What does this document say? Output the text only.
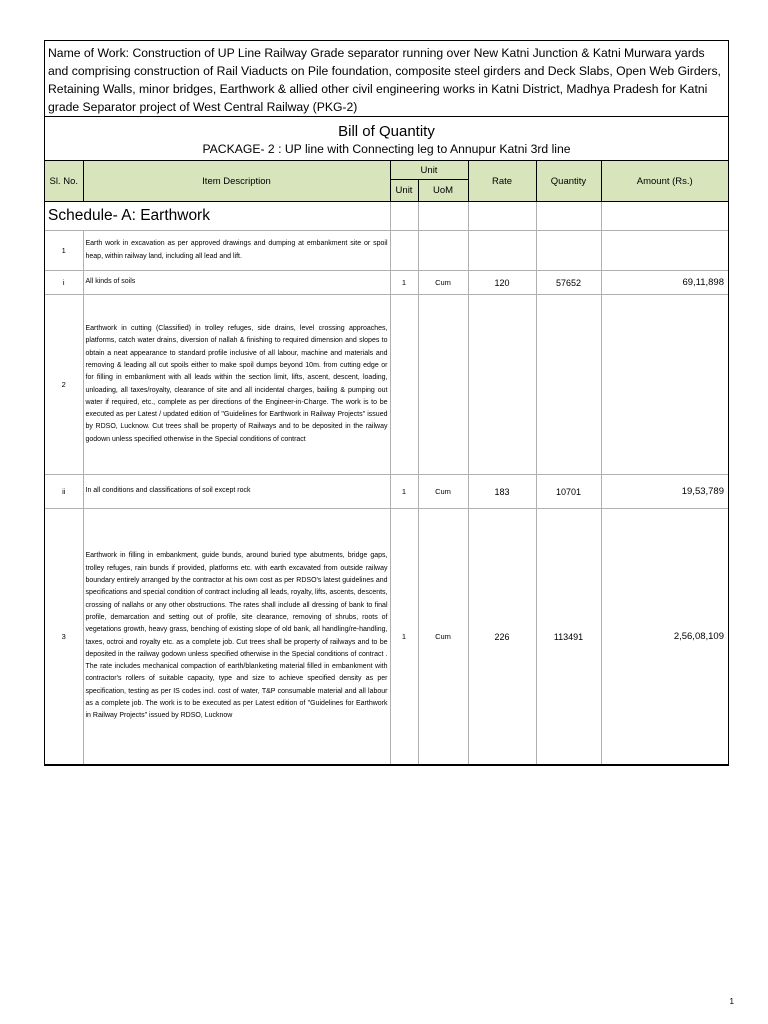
Name of Work: Construction of UP Line Railway Grade separator running over New Katni Junction & Katni Murwara yards and comprising construction of Rail Viaducts on Pile foundation, composite steel girders and Deck Slabs, Open Web Girders, Retaining Walls, minor bridges, Earthwork & allied other civil engineering works in Katni District, Madhya Pradesh for Katni grade Separator project of West Central Railway (PKG-2)
Bill of Quantity
PACKAGE- 2 : UP line with Connecting leg to Annupur Katni 3rd line
Sl. No.	Item Description	Unit		Rate	Quantity	Amount (Rs.)
		Unit	UoM			
Schedule- A: Earthwork						
1	Earth work in excavation as per approved drawings and dumping at embankment site or spoil heap, within railway land, including all lead and lift.					
i	All kinds of soils	1	Cum	120	57652	69,11,898
2	Earthwork in cutting (Classified) in trolley refuges, side drains, level crossing approaches, platforms, catch water drains, diversion of nallah & finishing to required dimension and slopes to obtain a neat appearance to standard profile inclusive of all labour, machine and materials and removing & leading all cut spoils either to make spoil dumps beyond 10m. from cutting edge or for filling in embankment with all leads within the section limit, lifts, ascent, descent, loading, unloading, all taxes/royalty, clearance of site and all incidental charges, bailing & pumping out water if required, etc., complete as per directions of the Engineer-in-Charge. The work is to be executed as per Latest / updated edition of "Guidelines for Earthwork in Railway Projects" issued by RDSO, Lucknow. Cut trees shall be property of Railways and to be deposited in the railway godown unless specified otherwise in the Special conditions of contract					
ii	In all conditions and classifications of soil except rock	1	Cum	183	10701	19,53,789
3	Earthwork in filling in embankment, guide bunds, around buried type abutments, bridge gaps, trolley refuges, rain bunds if provided, platforms etc. with earth excavated from outside railway boundary entirely arranged by the contractor at his own cost as per RDSO's latest guidelines and specifications and special condition of contract including all leads, royalty, lifts, ascents, descents, crossing of nallahs or any other obstructions. The rates shall include all dressing of bank to final profile, demarcation and setting out of profile, site clearance, removing of shrubs, roots of vegetations growth, heavy grass, benching of existing slope of old bank, all handling/re-handling, taxes, octroi and royalty etc. as a complete job. Cut trees shall be property of railways and to be deposited in the railway godown unless specified otherwise in the Special conditions of contract . The rate includes mechanical compaction of earth/blanketing material filled in embankment with contractor's rollers of suitable capacity, type and size to achieve specified density as per specification, testing as per IS codes incl. cost of water, T&P consumable material and all labour as a complete job. The work is to be executed as per Latest edition of "Guidelines for Earthwork in Railway Projects" issued by RDSO, Lucknow	1	Cum	226	113491	2,56,08,109
1
